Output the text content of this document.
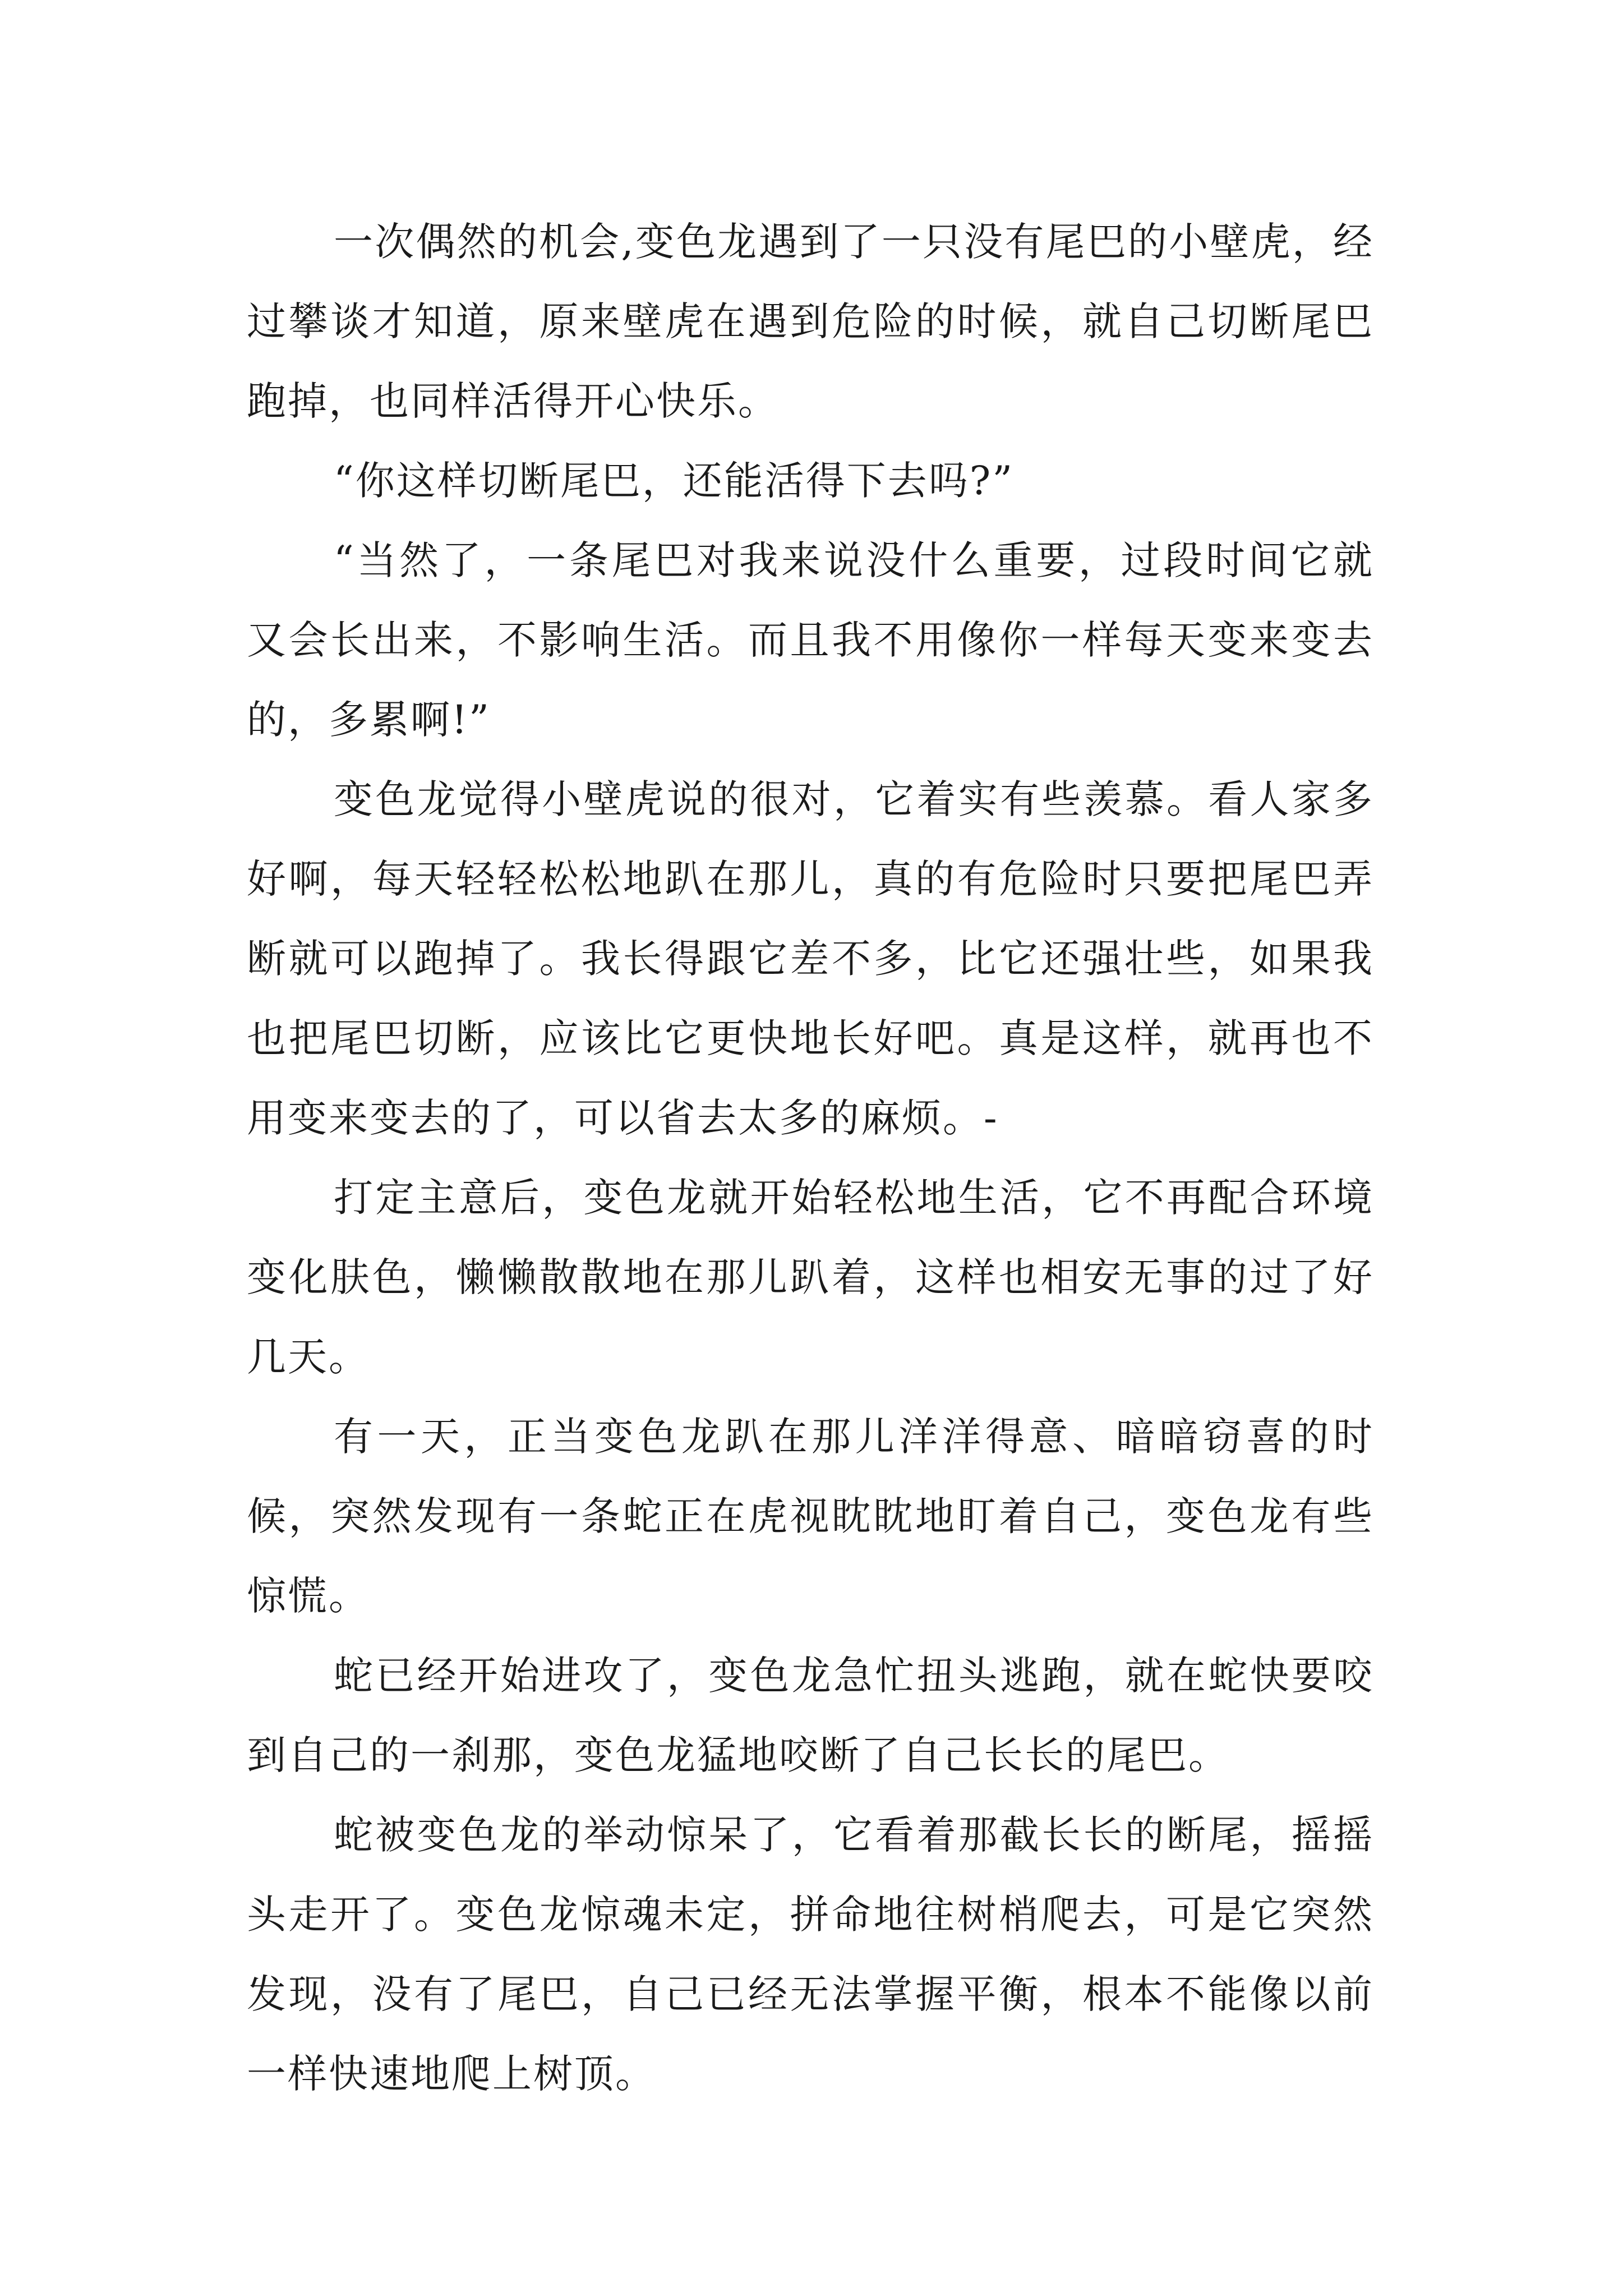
一次偶然的机会,变色龙遇到了一只没有尾巴的小壁虎，经过攀谈才知道，原来壁虎在遇到危险的时候，就自己切断尾巴跑掉，也同样活得开心快乐。

“你这样切断尾巴，还能活得下去吗?”

“当然了，一条尾巴对我来说没什么重要，过段时间它就又会长出来，不影响生活。而且我不用像你一样每天变来变去的，多累啊!”

变色龙觉得小壁虎说的很对，它着实有些羡慕。看人家多好啊，每天轻轻松松地趴在那儿，真的有危险时只要把尾巴弄断就可以跑掉了。我长得跟它差不多，比它还强壮些，如果我也把尾巴切断，应该比它更快地长好吧。真是这样，就再也不用变来变去的了，可以省去太多的麻烦。-

打定主意后，变色龙就开始轻松地生活，它不再配合环境变化肤色，懒懒散散地在那儿趴着，这样也相安无事的过了好几天。

有一天，正当变色龙趴在那儿洋洋得意、暗暗窃喜的时候，突然发现有一条蛇正在虎视眈眈地盯着自己，变色龙有些惊慌。

蛇已经开始进攻了，变色龙急忙扭头逃跑，就在蛇快要咬到自己的一刹那，变色龙猛地咬断了自己长长的尾巴。

蛇被变色龙的举动惊呆了，它看着那截长长的断尾，摇摇头走开了。变色龙惊魂未定，拼命地往树梢爬去，可是它突然发现，没有了尾巴，自己已经无法掌握平衡，根本不能像以前一样快速地爬上树顶。
